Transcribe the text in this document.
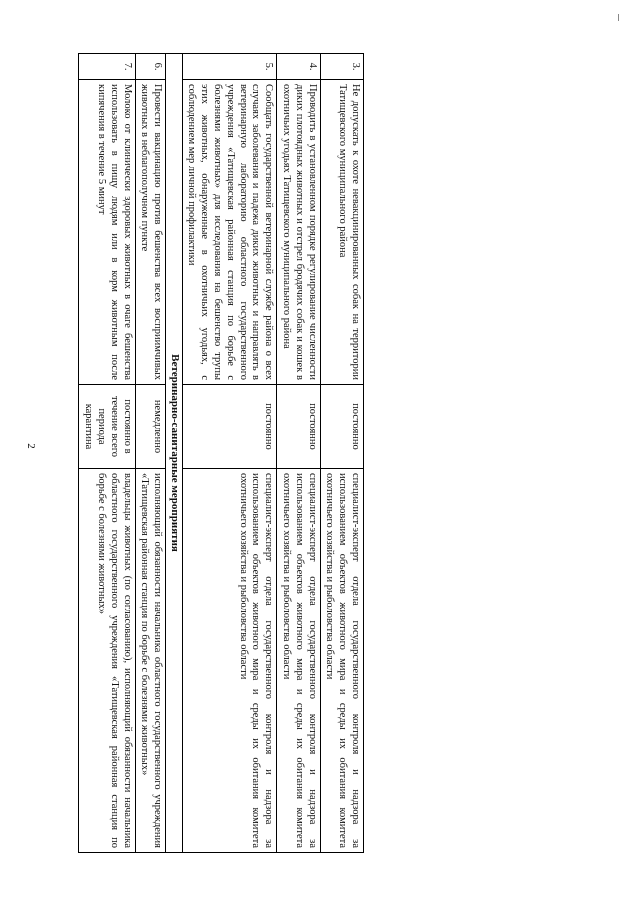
2
3.	Не допускать к охоте невакцинированных собак на территории Татищевского муниципального района	постоянно	специалист-эксперт отдела государственного контроля и надзора за использованием объектов животного мира и среды их обитания комитета охотничьего хозяйства и рыболовства области
4.	Проводить в установленном порядке регулирование численности диких плотоядных животных и отстрел бродячих собак и кошек в охотничьих угодьях Татищевского муниципального района	постоянно	специалист-эксперт отдела государственного контроля и надзора за использованием объектов животного мира и среды их обитания комитета охотничьего хозяйства и рыболовства области
5.	Сообщать государственной ветеринарной службе района о всех случаях заболевания и падежа диких животных и направлять в ветеринарную лабораторию областного государственного учреждения «Татищевская районная станция по борьбе с болезнями животных» для исследования на бешенство трупы этих животных, обнаруженные в охотничьих угодьях, с соблюдением мер личной профилактики	постоянно	специалист-эксперт отдела государственного контроля и надзора за использованием объектов животного мира и среды их обитания комитета охотничьего хозяйства и рыболовства области
Ветеринарно-санитарные мероприятия			
6.	Провести вакцинацию против бешенства всех восприимчивых животных в неблагополучном пункте	немедленно	исполняющий обязанности начальника областного государственного учреждения «Татищевская районная станция по борьбе с болезнями животных»
7.	Молоко от клинически здоровых животных в очаге бешенства использовать в пищу людям или в корм животным после кипячения в течение 5 минут	постоянно в течение всего периода карантина	владельцы животных (по согласованию), исполняющий обязанности начальника областного государственного учреждения «Татищевская районная станция по борьбе с болезнями животных»
